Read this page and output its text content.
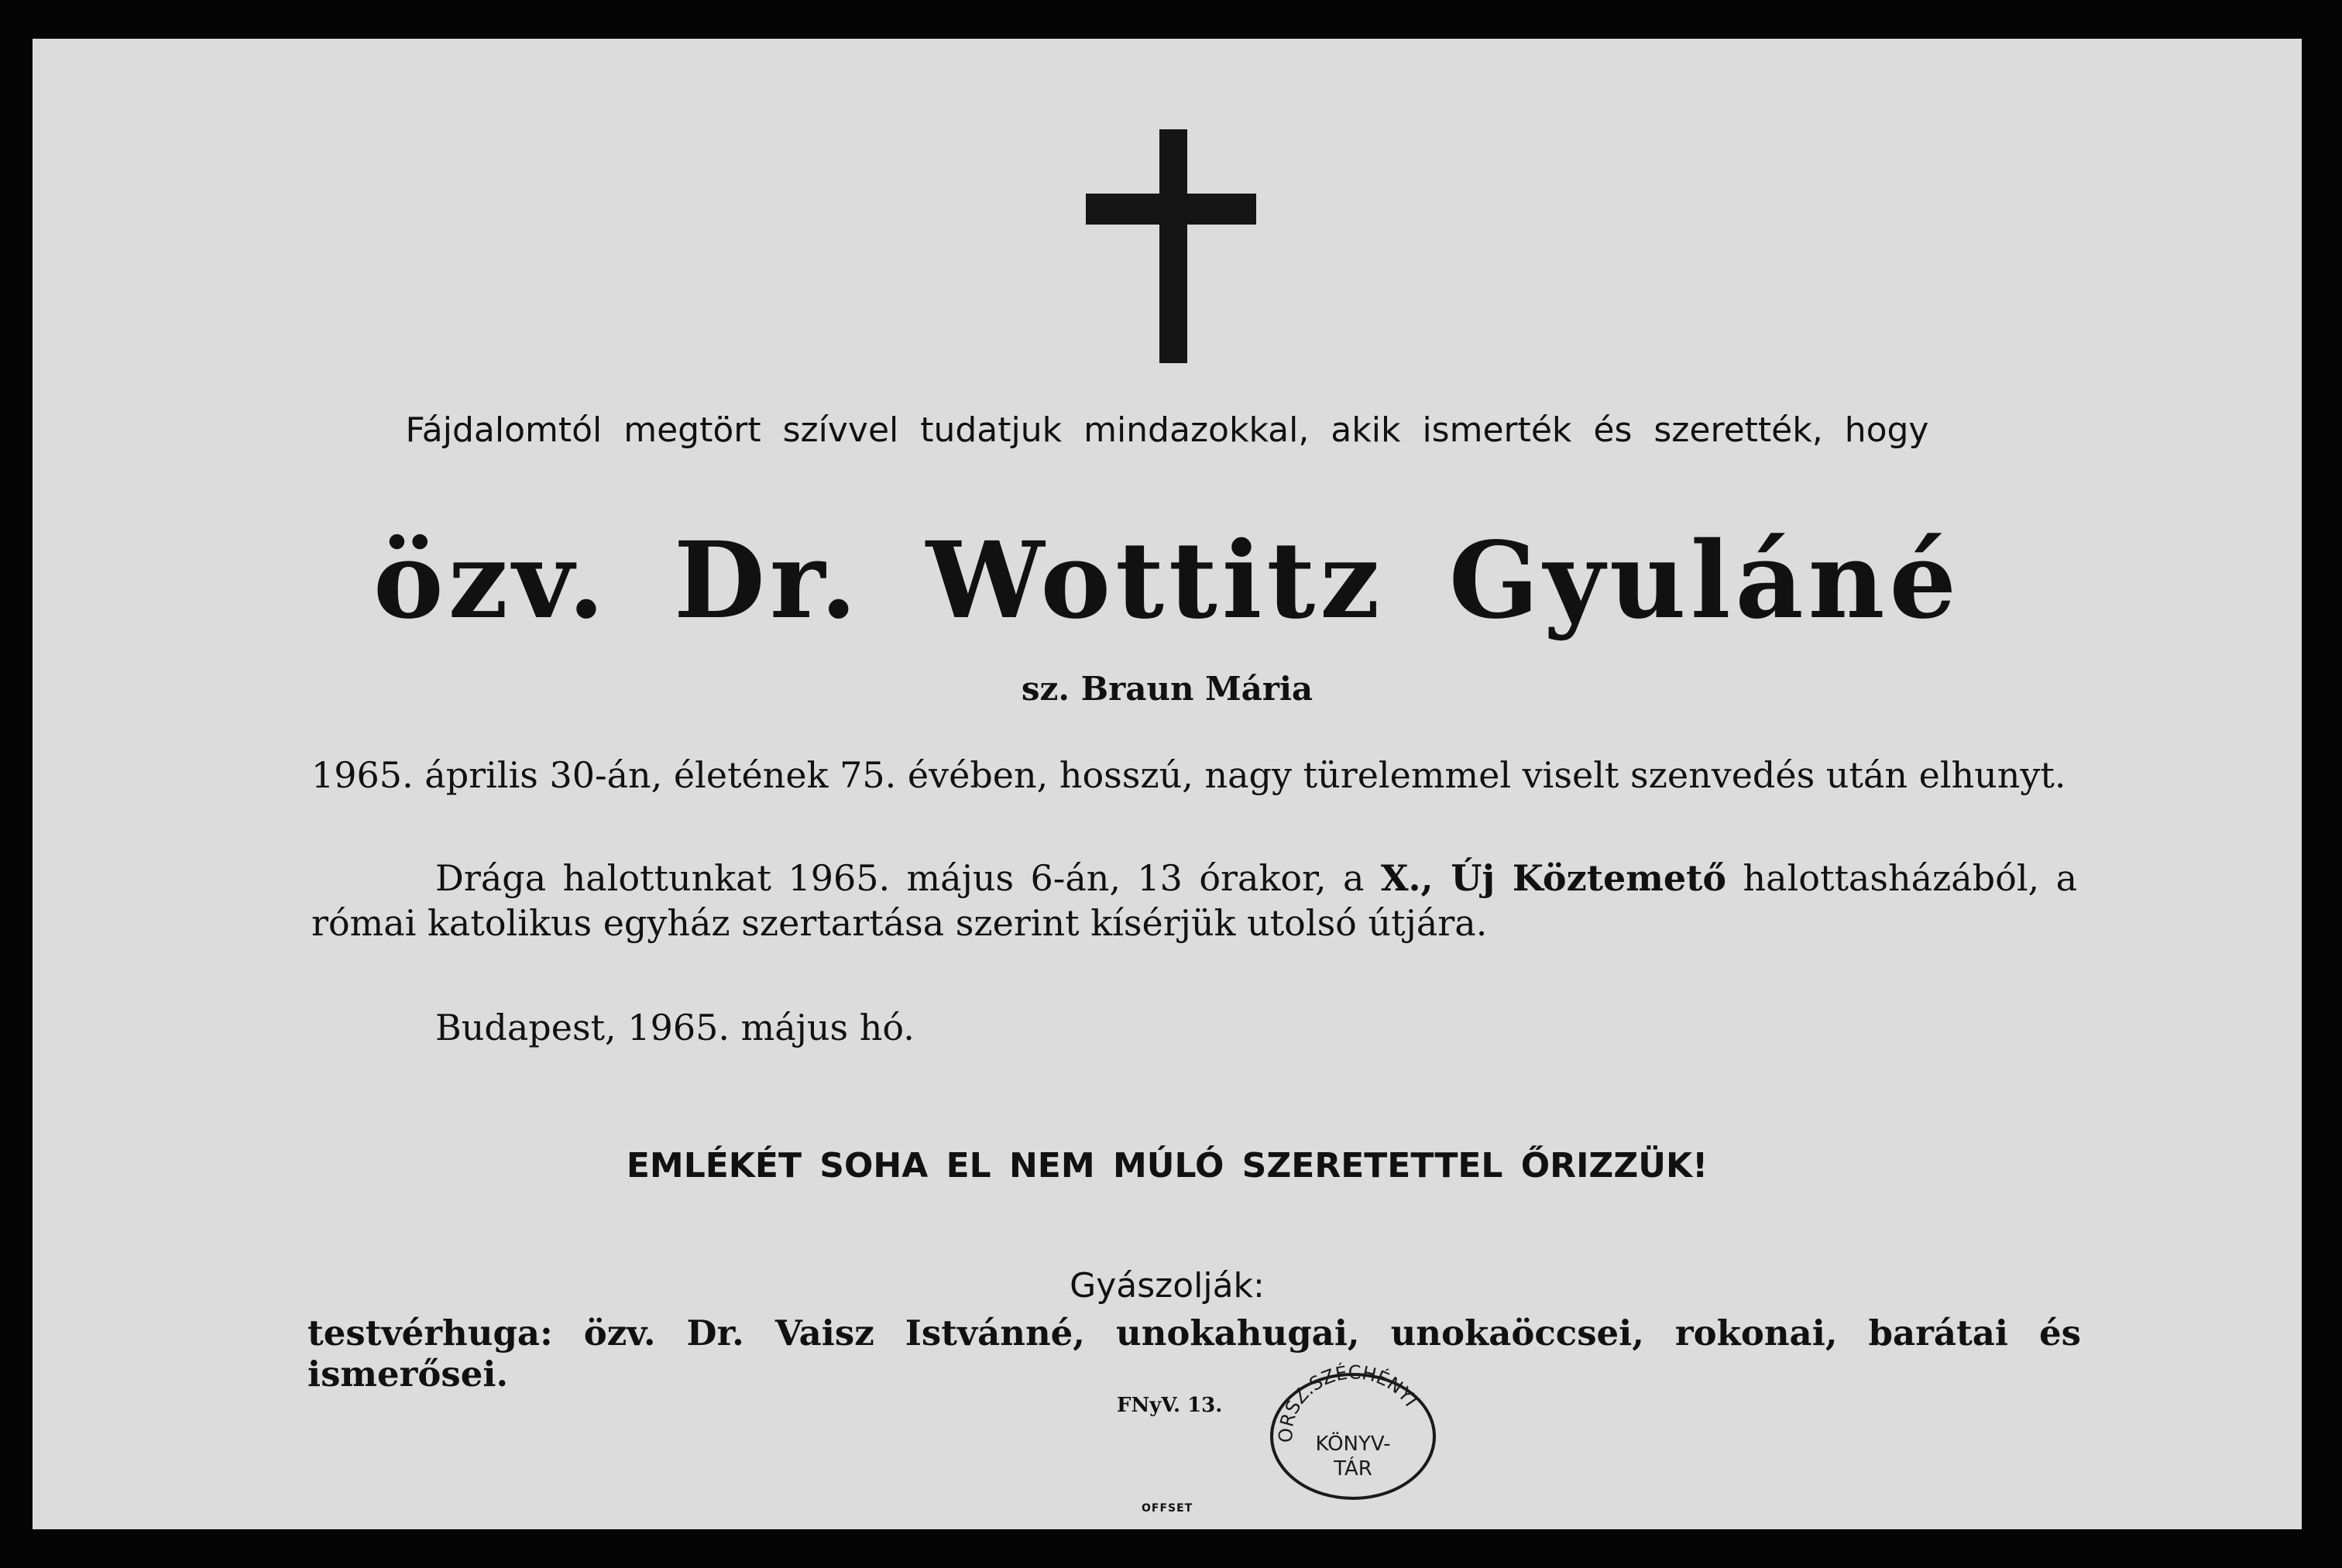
Fájdalomtól megtört szívvel tudatjuk mindazokkal, akik ismerték és szerették, hogy
özv. Dr. Wottitz Gyuláné
sz. Braun Mária
1965. április 30-án, életének 75. évében, hosszú, nagy türelemmel viselt szenvedés után elhunyt.
Drága halottunkat 1965. május 6-án, 13 órakor, a X., Új Köztemető halottasházából, a római katolikus egyház szertartása szerint kísérjük utolsó útjára.
Budapest, 1965. május hó.
EMLÉKÉT SOHA EL NEM MÚLÓ SZERETETTEL ŐRIZZÜK!
Gyászolják:
testvérhuga: özv. Dr. Vaisz Istvánné, unokahugai, unokaöccsei, rokonai, barátai és ismerősei.
FNyV. 13.
ORSZ.SZÉCHÉNYI
KÖNYV-
TÁR
OFFSET
